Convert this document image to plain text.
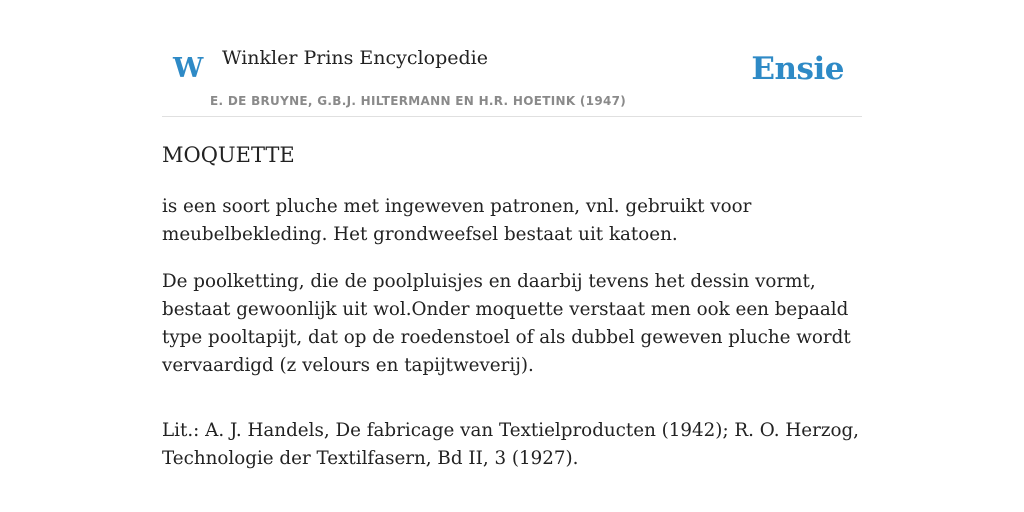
W Winkler Prins Encyclopedie
E. DE BRUYNE, G.B.J. HILTERMANN EN H.R. HOETINK (1947)
Ensie
MOQUETTE

is een soort pluche met ingeweven patronen, vnl. gebruikt voor meubelbekleding. Het grondweefsel bestaat uit katoen.

De poolketting, die de poolpluisjes en daarbij tevens het dessin vormt, bestaat gewoonlijk uit wol.Onder moquette verstaat men ook een bepaald type pooltapijt, dat op de roedenstoel of als dubbel geweven pluche wordt vervaardigd (z velours en tapijtweverij).

Lit.: A. J. Handels, De fabricage van Textielproducten (1942); R. O. Herzog, Technologie der Textilfasern, Bd II, 3 (1927).
